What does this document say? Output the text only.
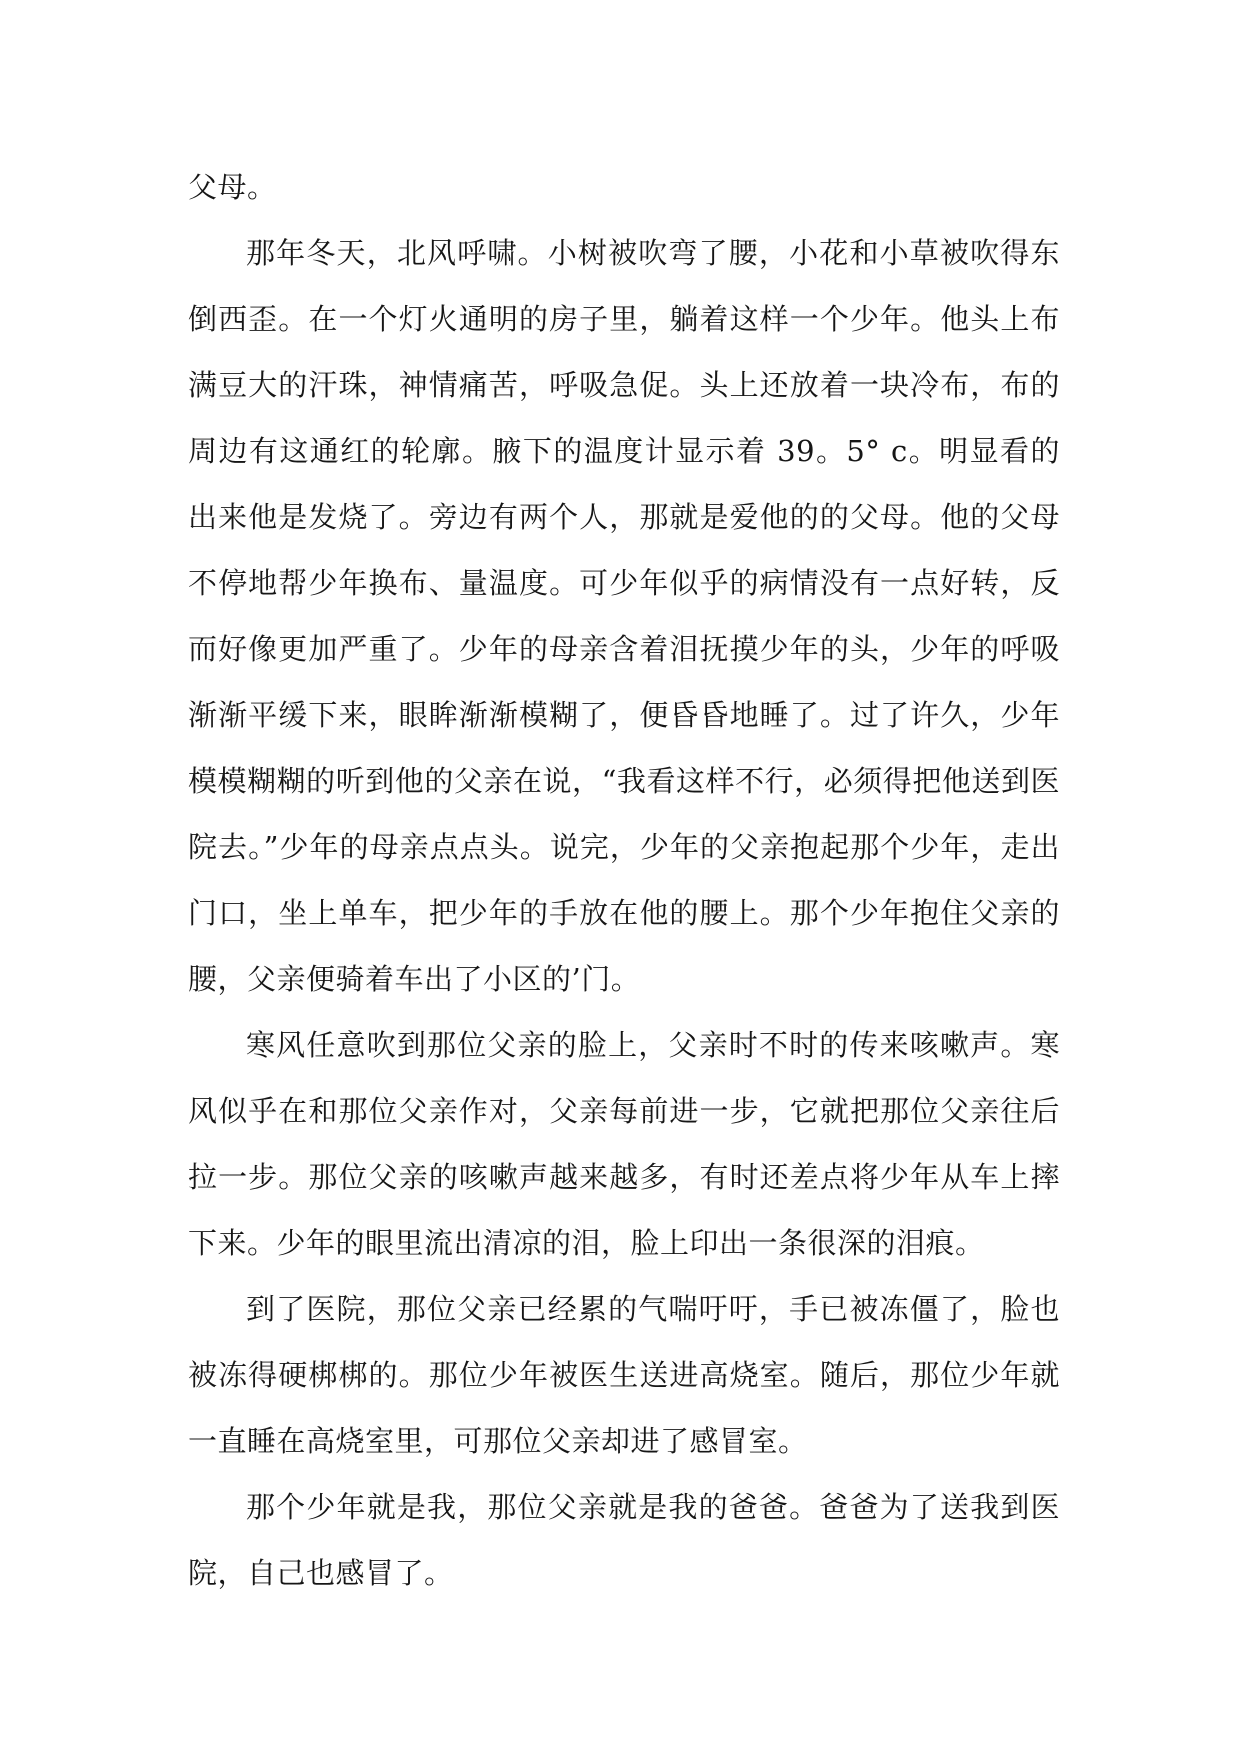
父母。

那年冬天，北风呼啸。小树被吹弯了腰，小花和小草被吹得东倒西歪。在一个灯火通明的房子里，躺着这样一个少年。他头上布满豆大的汗珠，神情痛苦，呼吸急促。头上还放着一块冷布，布的周边有这通红的轮廓。腋下的温度计显示着 39。5° c。明显看的出来他是发烧了。旁边有两个人，那就是爱他的的父母。他的父母不停地帮少年换布、量温度。可少年似乎的病情没有一点好转，反而好像更加严重了。少年的母亲含着泪抚摸少年的头，少年的呼吸渐渐平缓下来，眼眸渐渐模糊了，便昏昏地睡了。过了许久，少年模模糊糊的听到他的父亲在说，“我看这样不行，必须得把他送到医院去。”少年的母亲点点头。说完，少年的父亲抱起那个少年，走出门口，坐上单车，把少年的手放在他的腰上。那个少年抱住父亲的腰，父亲便骑着车出了小区的’门。

寒风任意吹到那位父亲的脸上，父亲时不时的传来咳嗽声。寒风似乎在和那位父亲作对，父亲每前进一步，它就把那位父亲往后拉一步。那位父亲的咳嗽声越来越多，有时还差点将少年从车上摔下来。少年的眼里流出清凉的泪，脸上印出一条很深的泪痕。

到了医院，那位父亲已经累的气喘吁吁，手已被冻僵了，脸也被冻得硬梆梆的。那位少年被医生送进高烧室。随后，那位少年就一直睡在高烧室里，可那位父亲却进了感冒室。

那个少年就是我，那位父亲就是我的爸爸。爸爸为了送我到医院，自己也感冒了。
